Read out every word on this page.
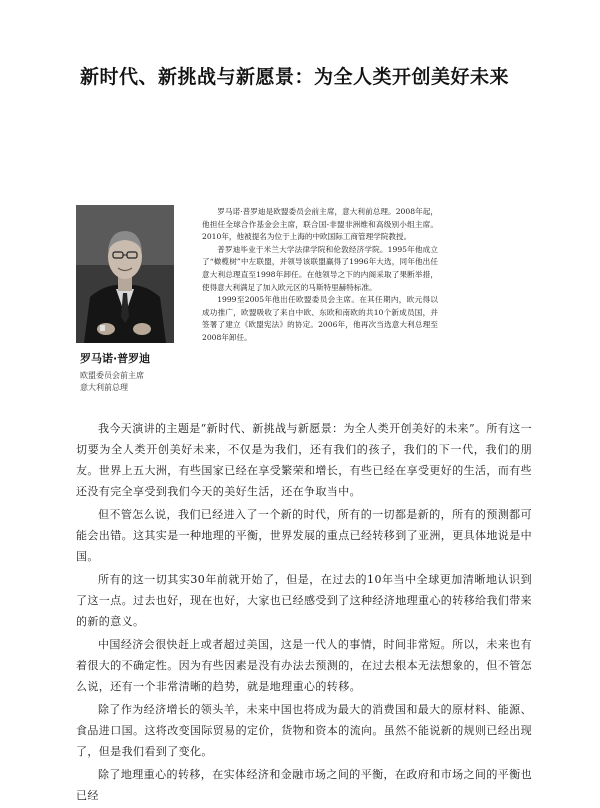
新时代、新挑战与新愿景：为全人类开创美好未来

罗马诺·普罗迪

欧盟委员会前主席

意大利前总理

罗马诺·普罗迪是欧盟委员会前主席，意大利前总理。2008年起，他担任全球合作基金会主席，联合国-非盟非洲维和高级别小组主席。2010年，他被提名为位于上海的中欧国际工商管理学院教授。

普罗迪毕业于米兰大学法律学院和伦敦经济学院。1995年他成立了“橄榄树”中左联盟，并领导该联盟赢得了1996年大选，同年他出任意大利总理直至1998年卸任。在他领导之下的内阁采取了果断举措，使得意大利满足了加入欧元区的马斯特里赫特标准。

1999至2005年他出任欧盟委员会主席。在其任期内，欧元得以成功推广，欧盟吸收了来自中欧、东欧和南欧的共10个新成员国，并签署了建立《欧盟宪法》的协定。2006年，他再次当选意大利总理至2008年卸任。

我今天演讲的主题是“新时代、新挑战与新愿景：为全人类开创美好的未来”。所有这一切要为全人类开创美好未来，不仅是为我们，还有我们的孩子，我们的下一代，我们的朋友。世界上五大洲，有些国家已经在享受繁荣和增长，有些已经在享受更好的生活，而有些还没有完全享受到我们今天的美好生活，还在争取当中。

但不管怎么说，我们已经进入了一个新的时代，所有的一切都是新的，所有的预测都可能会出错。这其实是一种地理的平衡，世界发展的重点已经转移到了亚洲，更具体地说是中国。

所有的这一切其实30年前就开始了，但是，在过去的10年当中全球更加清晰地认识到了这一点。过去也好，现在也好，大家也已经感受到了这种经济地理重心的转移给我们带来的新的意义。

中国经济会很快赶上或者超过美国，这是一代人的事情，时间非常短。所以，未来也有着很大的不确定性。因为有些因素是没有办法去预测的，在过去根本无法想象的，但不管怎么说，还有一个非常清晰的趋势，就是地理重心的转移。

除了作为经济增长的领头羊，未来中国也将成为最大的消费国和最大的原材料、能源、食品进口国。这将改变国际贸易的定价，货物和资本的流向。虽然不能说新的规则已经出现了，但是我们看到了变化。

除了地理重心的转移，在实体经济和金融市场之间的平衡，在政府和市场之间的平衡也已经
